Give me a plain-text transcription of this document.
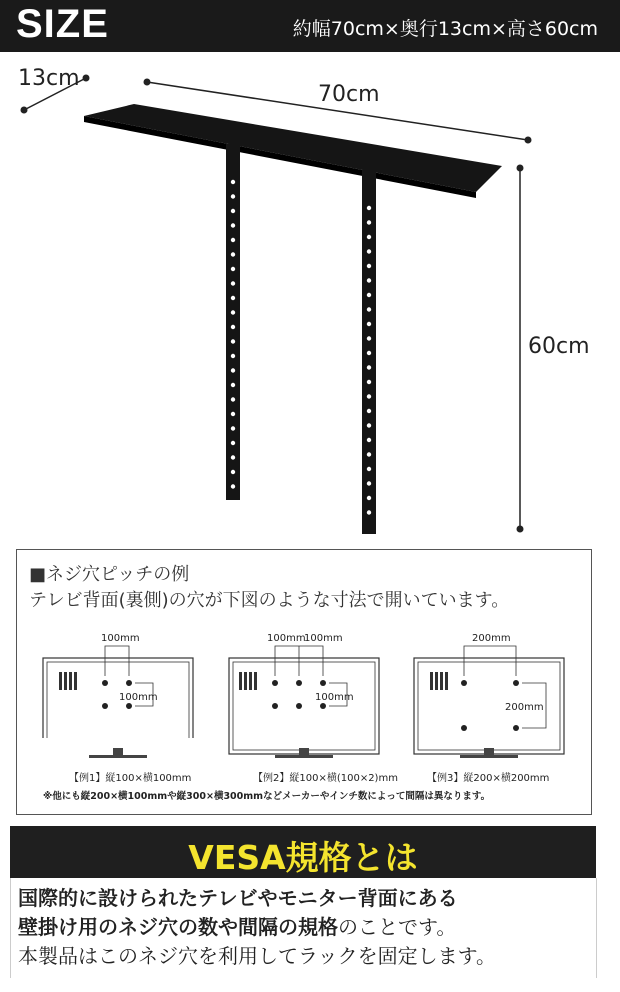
SIZE	約幅70cm×奥行13cm×高さ60cm
13cm
70cm
60cm
■ネジ穴ピッチの例
テレビ背面(裏側)の穴が下図のような寸法で開いています。
100mm
100mm
【例1】縦100×横100mm
100mm
100mm
100mm
【例2】縦100×横(100×2)mm
200mm
200mm
【例3】縦200×横200mm
※他にも縦200×横100mmや縦300×横300mmなどメーカーやインチ数によって間隔は異なります。
VESA規格とは
国際的に設けられたテレビやモニター背面にある
壁掛け用のネジ穴の数や間隔の規格のことです。
本製品はこのネジ穴を利用してラックを固定します。
